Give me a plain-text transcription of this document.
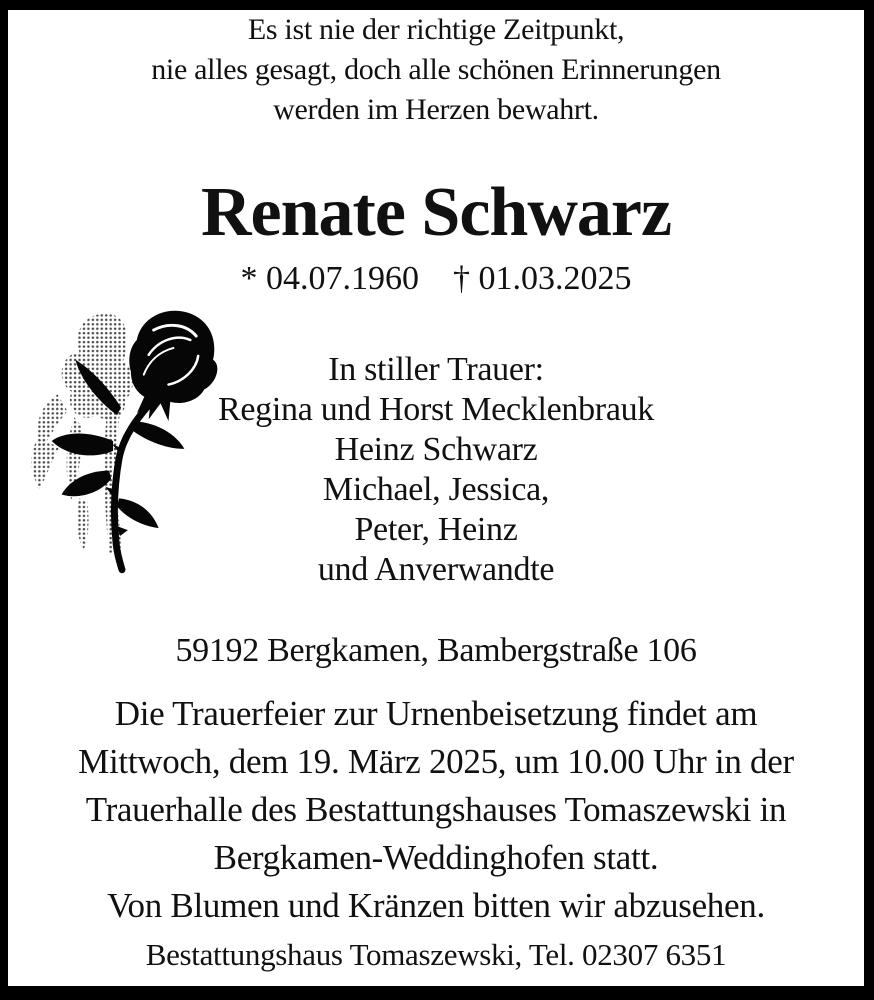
Es ist nie der richtige Zeitpunkt,
nie alles gesagt, doch alle schönen Erinnerungen
werden im Herzen bewahrt.
Renate Schwarz
* 04.07.1960 † 01.03.2025
In stiller Trauer:
Regina und Horst Mecklenbrauk
Heinz Schwarz
Michael, Jessica,
Peter, Heinz
und Anverwandte
59192 Bergkamen, Bambergstraße 106
Die Trauerfeier zur Urnenbeisetzung findet am
Mittwoch, dem 19. März 2025, um 10.00 Uhr in der
Trauerhalle des Bestattungshauses Tomaszewski in
Bergkamen-Weddinghofen statt.
Von Blumen und Kränzen bitten wir abzusehen.
Bestattungshaus Tomaszewski, Tel. 02307 6351
